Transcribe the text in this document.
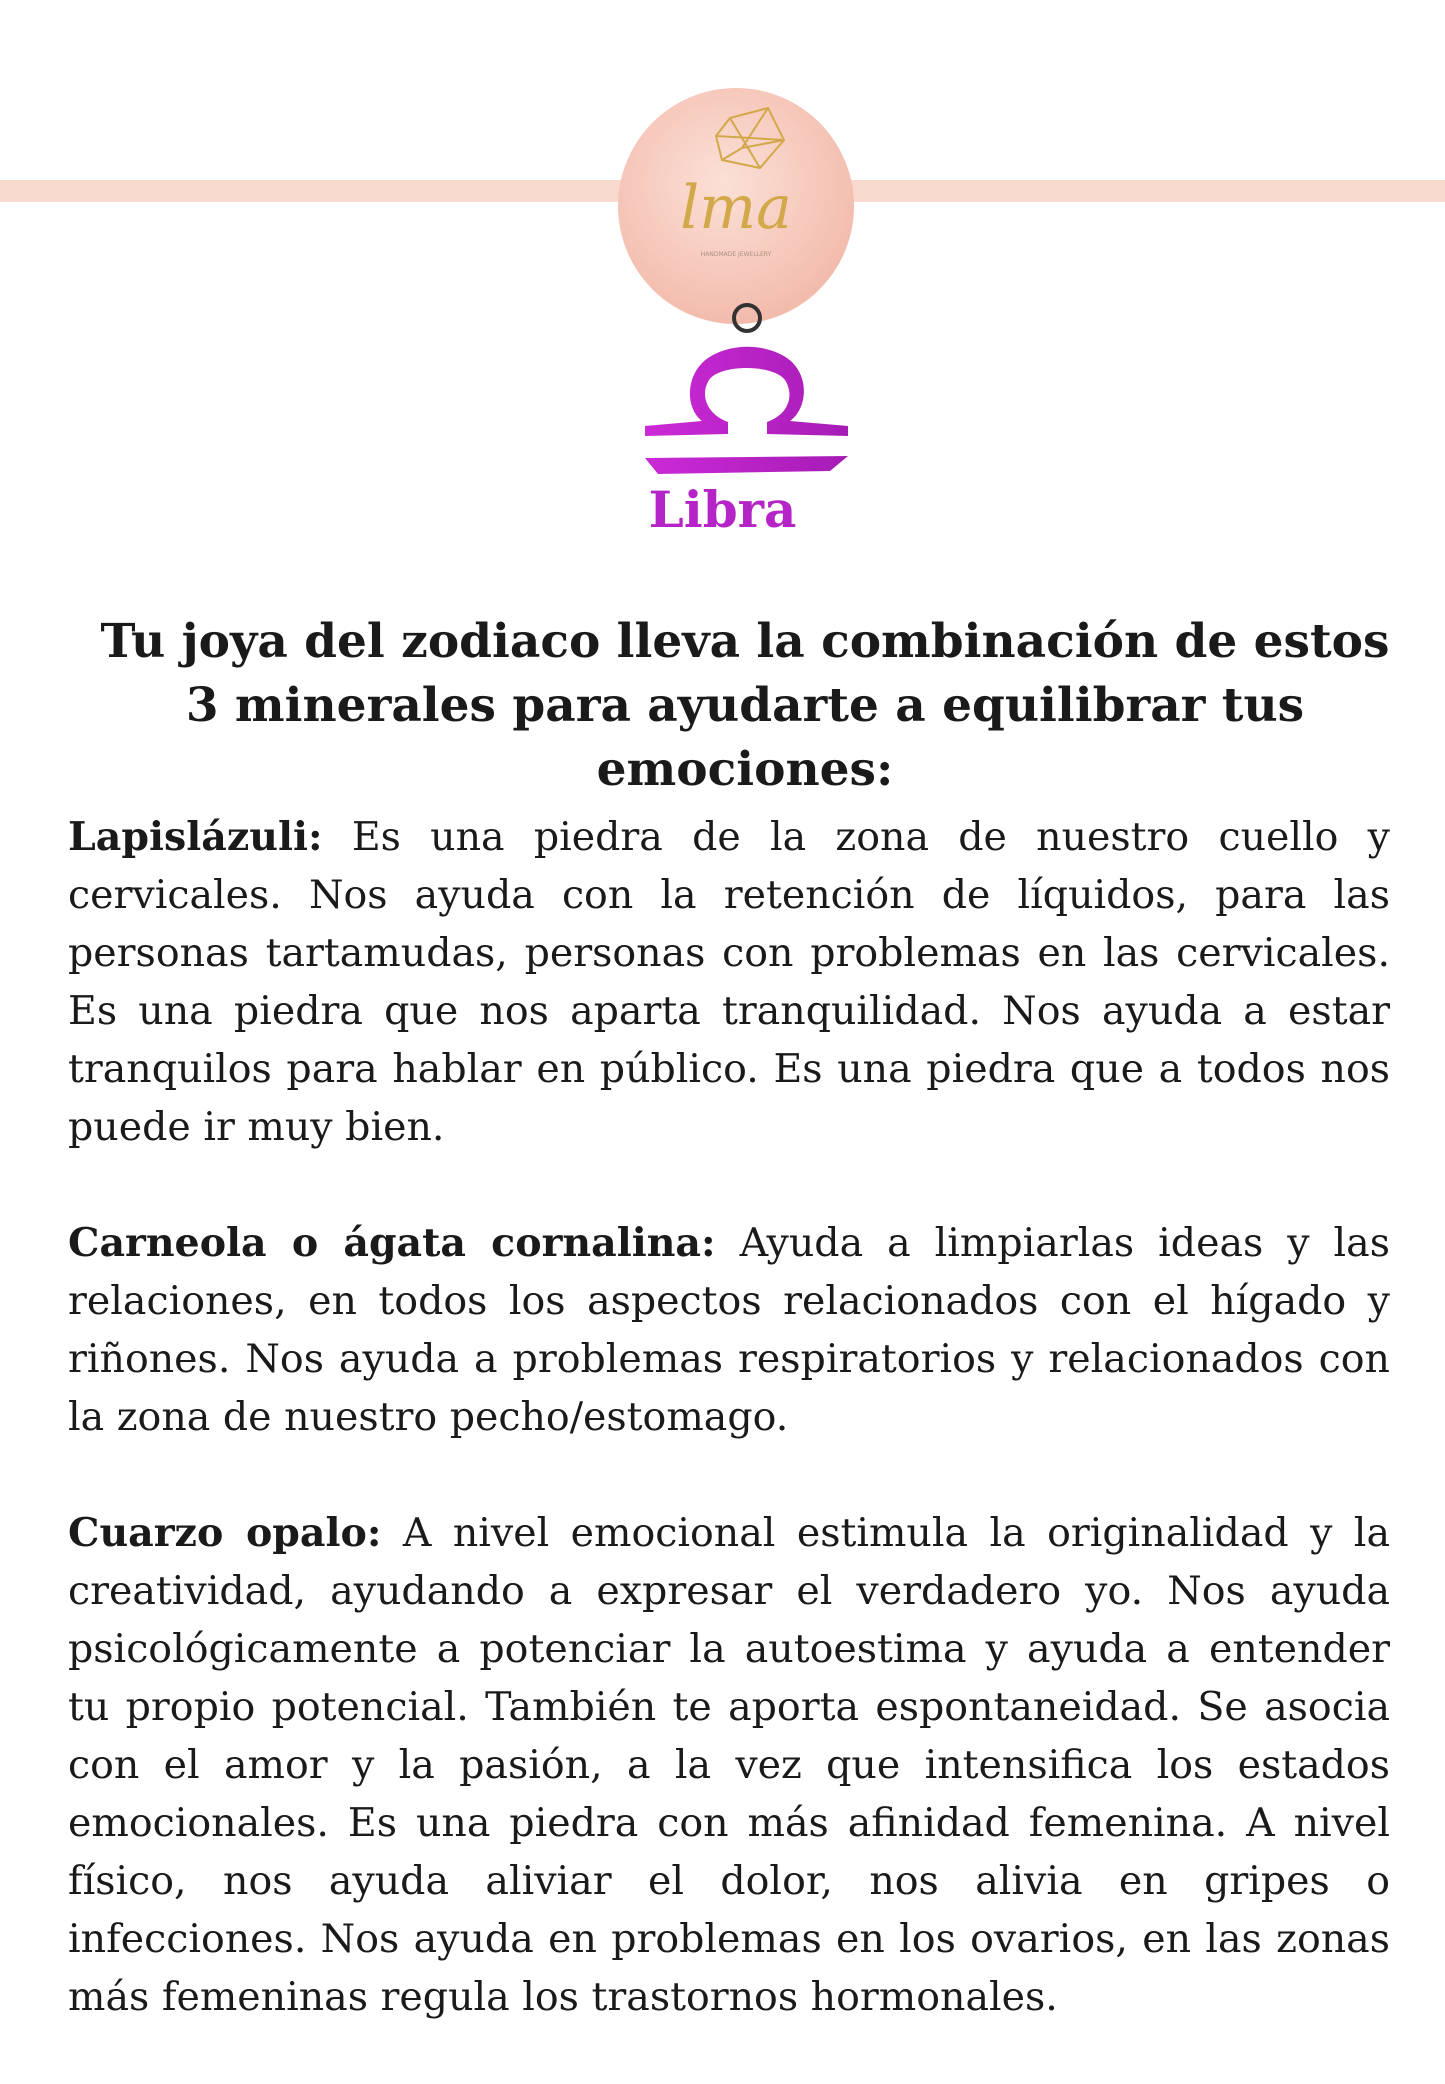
lma
HANDMADE JEWELLERY
Libra

Tu joya del zodiaco lleva la combinación de estos 3 minerales para ayudarte a equilibrar tus emociones:

Lapislázuli: Es una piedra de la zona de nuestro cuello y cervicales. Nos ayuda con la retención de líquidos, para las personas tartamudas, personas con problemas en las cervicales. Es una piedra que nos aparta tranquilidad. Nos ayuda a estar tranquilos para hablar en público. Es una piedra que a todos nos puede ir muy bien.

Carneola o ágata cornalina: Ayuda a limpiarlas ideas y las relaciones, en todos los aspectos relacionados con el hígado y riñones. Nos ayuda a problemas respiratorios y relacionados con la zona de nuestro pecho/estomago.

Cuarzo opalo: A nivel emocional estimula la originalidad y la creatividad, ayudando a expresar el verdadero yo. Nos ayuda psicológicamente a potenciar la autoestima y ayuda a entender tu propio potencial. También te aporta espontaneidad. Se asocia con el amor y la pasión, a la vez que intensifica los estados emocionales. Es una piedra con más afinidad femenina. A nivel físico, nos ayuda aliviar el dolor, nos alivia en gripes o infecciones. Nos ayuda en problemas en los ovarios, en las zonas más femeninas regula los trastornos hormonales.
